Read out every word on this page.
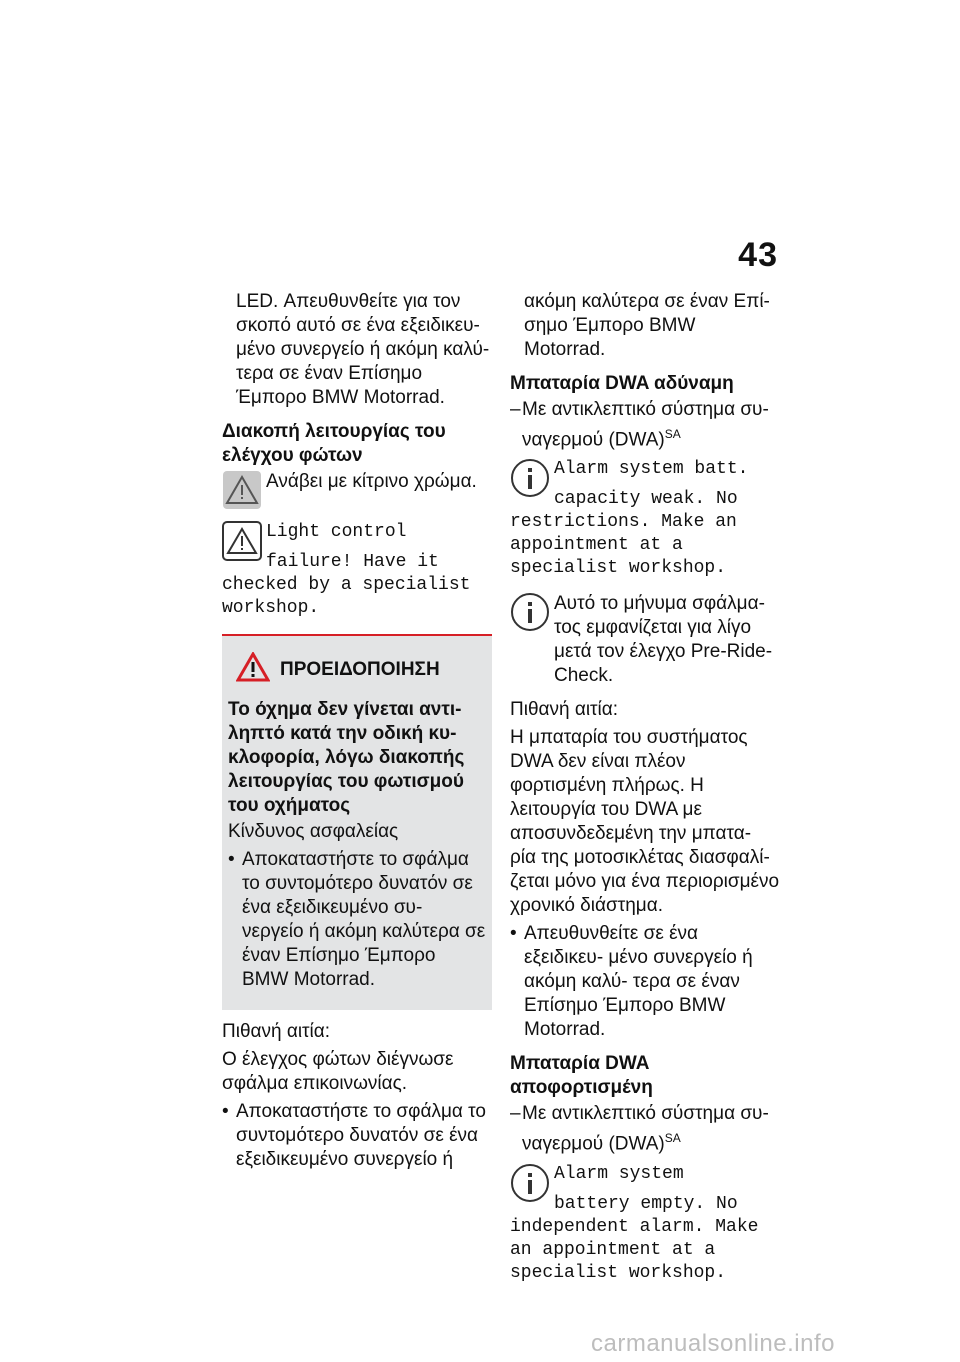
43

LED. Απευθυνθείτε για τον σκοπό αυτό σε ένα εξειδικευ- μένο συνεργείο ή ακόμη καλύ- τερα σε έναν Επίσημο Έμπορο BMW Motorrad.

Διακοπή λειτουργίας του ελέγχου φώτων
Ανάβει με κίτρινο χρώμα.
Light control
failure! Have it checked by a specialist workshop.
ΠΡΟΕΙΔΟΠΟΙΗΣΗ
Το όχημα δεν γίνεται αντι- ληπτό κατά την οδική κυ- κλοφορία, λόγω διακοπής λειτουργίας του φωτισμού του οχήματος
Κίνδυνος ασφαλείας
• Αποκαταστήστε το σφάλμα το συντομότερο δυνατόν σε ένα εξειδικευμένο συ- νεργείο ή ακόμη καλύτερα σε έναν Επίσημο Έμπορο BMW Motorrad.
Πιθανή αιτία:
Ο έλεγχος φώτων διέγνωσε σφάλμα επικοινωνίας.
• Αποκαταστήστε το σφάλμα το συντομότερο δυνατόν σε ένα εξειδικευμένο συνεργείο ή

ακόμη καλύτερα σε έναν Επί- σημο Έμπορο BMW Motorrad.

Μπαταρία DWA αδύναμη
– Με αντικλεπτικό σύστημα συ- ναγερμού (DWA)$^{SA}$
Alarm system batt.
capacity weak. No restrictions. Make an appointment at a specialist workshop.
Αυτό το μήνυμα σφάλμα- τος εμφανίζεται για λίγο μετά τον έλεγχο Pre-Ride-Check.
Πιθανή αιτία:
Η μπαταρία του συστήματος DWA δεν είναι πλέον φορτισμένη πλήρως. Η λειτουργία του DWA με αποσυνδεδεμένη την μπατα- ρία της μοτοσικλέτας διασφαλί- ζεται μόνο για ένα περιορισμένο χρονικό διάστημα.
• Απευθυνθείτε σε ένα εξειδικευ- μένο συνεργείο ή ακόμη καλύ- τερα σε έναν Επίσημο Έμπορο BMW Motorrad.
Μπαταρία DWA αποφορτισμένη
– Με αντικλεπτικό σύστημα συ- ναγερμού (DWA)$^{SA}$
Alarm system
battery empty. No independent alarm. Make an appointment at a specialist workshop.
carmanualsonline.info
